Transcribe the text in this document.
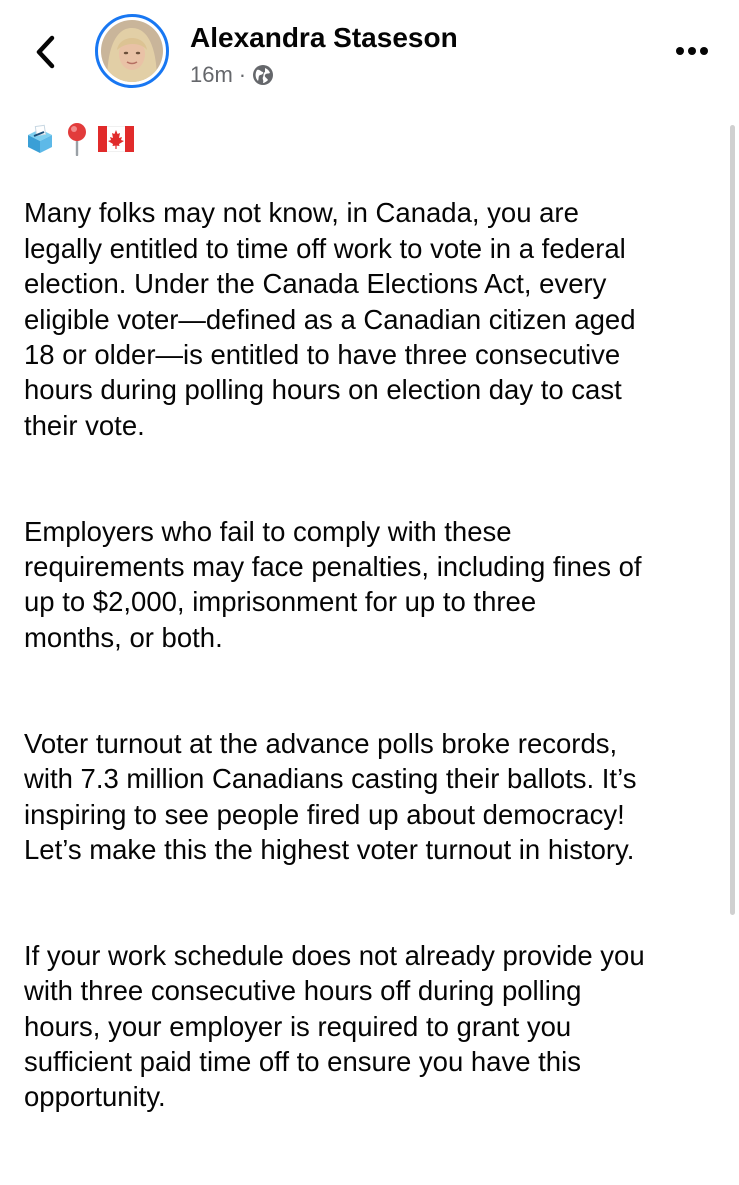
Alexandra Staseson
16m ·

Many folks may not know, in Canada, you are
legally entitled to time off work to vote in a federal
election. Under the Canada Elections Act, every
eligible voter—defined as a Canadian citizen aged
18 or older—is entitled to have three consecutive
hours during polling hours on election day to cast
their vote.

Employers who fail to comply with these
requirements may face penalties, including fines of
up to $2,000, imprisonment for up to three
months, or both.

Voter turnout at the advance polls broke records,
with 7.3 million Canadians casting their ballots. It’s
inspiring to see people fired up about democracy!
Let’s make this the highest voter turnout in history.

If your work schedule does not already provide you
with three consecutive hours off during polling
hours, your employer is required to grant you
sufficient paid time off to ensure you have this
opportunity.
